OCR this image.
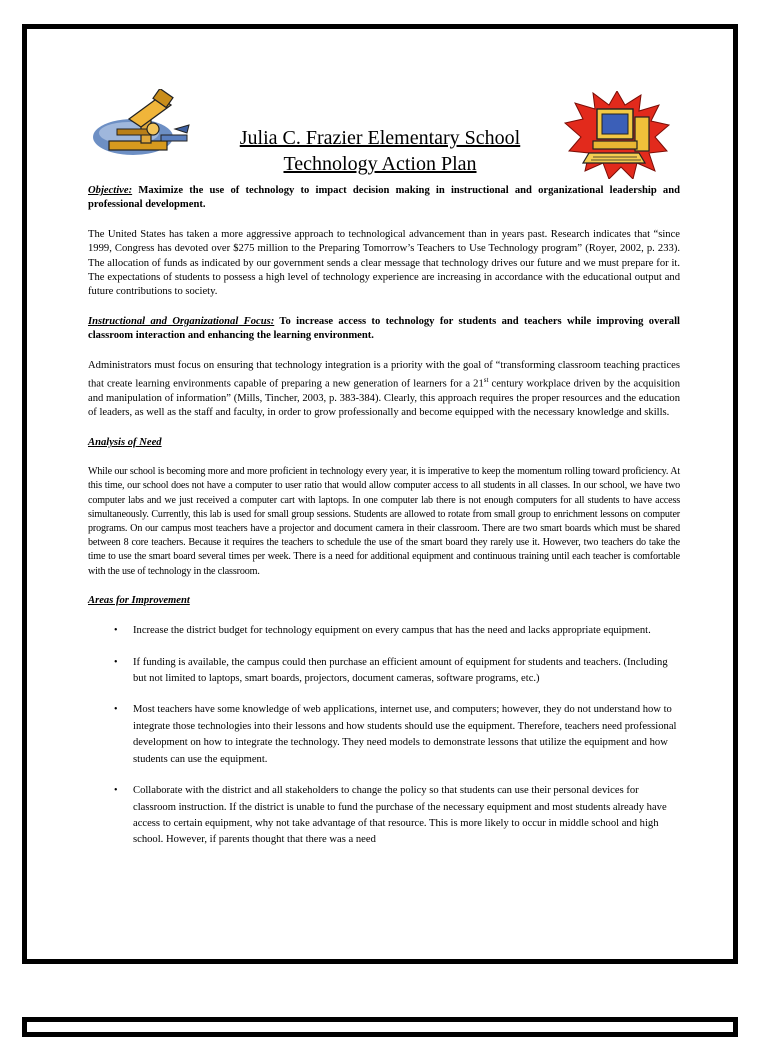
Julia C. Frazier Elementary School
Technology Action Plan

Objective: Maximize the use of technology to impact decision making in instructional and organizational leadership and professional development.

The United States has taken a more aggressive approach to technological advancement than in years past. Research indicates that “since 1999, Congress has devoted over $275 million to the Preparing Tomorrow’s Teachers to Use Technology program” (Royer, 2002, p. 233). The allocation of funds as indicated by our government sends a clear message that technology drives our future and we must prepare for it. The expectations of students to possess a high level of technology experience are increasing in accordance with the educational output and future contributions to society.

Instructional and Organizational Focus: To increase access to technology for students and teachers while improving overall classroom interaction and enhancing the learning environment.

Administrators must focus on ensuring that technology integration is a priority with the goal of “transforming classroom teaching practices that create learning environments capable of preparing a new generation of learners for a 21st century workplace driven by the acquisition and manipulation of information” (Mills, Tincher, 2003, p. 383-384). Clearly, this approach requires the proper resources and the education of leaders, as well as the staff and faculty, in order to grow professionally and become equipped with the necessary knowledge and skills.

Analysis of Need

While our school is becoming more and more proficient in technology every year, it is imperative to keep the momentum rolling toward proficiency. At this time, our school does not have a computer to user ratio that would allow computer access to all students in all classes. In our school, we have two computer labs and we just received a computer cart with laptops. In one computer lab there is not enough computers for all students to have access simultaneously. Currently, this lab is used for small group sessions. Students are allowed to rotate from small group to enrichment lessons on computer programs. On our campus most teachers have a projector and document camera in their classroom. There are two smart boards which must be shared between 8 core teachers. Because it requires the teachers to schedule the use of the smart board they rarely use it. However, two teachers do take the time to use the smart board several times per week. There is a need for additional equipment and continuous training until each teacher is comfortable with the use of technology in the classroom.

Areas for Improvement
• Increase the district budget for technology equipment on every campus that has the need and lacks appropriate equipment.
• If funding is available, the campus could then purchase an efficient amount of equipment for students and teachers. (Including but not limited to laptops, smart boards, projectors, document cameras, software programs, etc.)
• Most teachers have some knowledge of web applications, internet use, and computers; however, they do not understand how to integrate those technologies into their lessons and how students should use the equipment. Therefore, teachers need professional development on how to integrate the technology. They need models to demonstrate lessons that utilize the equipment and how students can use the equipment.
• Collaborate with the district and all stakeholders to change the policy so that students can use their personal devices for classroom instruction. If the district is unable to fund the purchase of the necessary equipment and most students already have access to certain equipment, why not take advantage of that resource. This is more likely to occur in middle school and high school. However, if parents thought that there was a need
